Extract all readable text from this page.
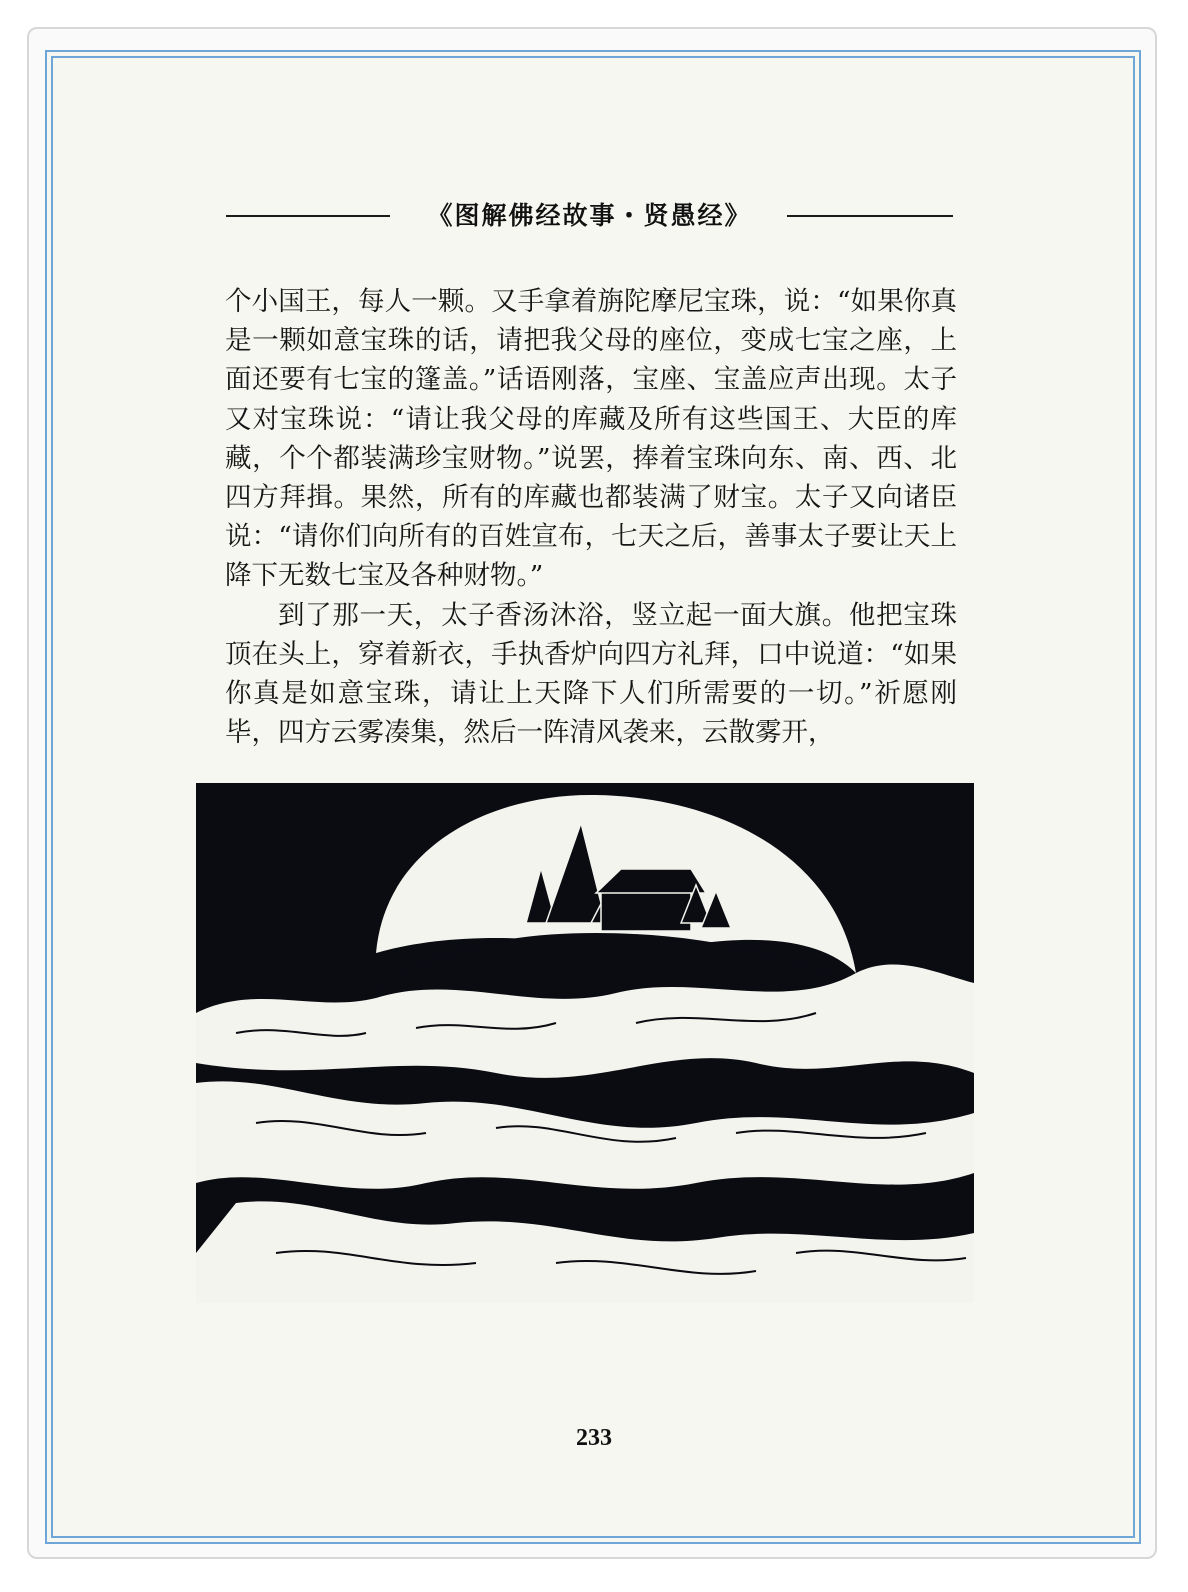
《图解佛经故事・贤愚经》

个小国王，每人一颗。又手拿着旃陀摩尼宝珠，说：“如果你真是一颗如意宝珠的话，请把我父母的座位，变成七宝之座，上面还要有七宝的篷盖。”话语刚落，宝座、宝盖应声出现。太子又对宝珠说：“请让我父母的库藏及所有这些国王、大臣的库藏，个个都装满珍宝财物。”说罢，捧着宝珠向东、南、西、北四方拜揖。果然，所有的库藏也都装满了财宝。太子又向诸臣说：“请你们向所有的百姓宣布，七天之后，善事太子要让天上降下无数七宝及各种财物。”

到了那一天，太子香汤沐浴，竖立起一面大旗。他把宝珠顶在头上，穿着新衣，手执香炉向四方礼拜，口中说道：“如果你真是如意宝珠，请让上天降下人们所需要的一切。”祈愿刚毕，四方云雾凑集，然后一阵清风袭来，云散雾开，

233
